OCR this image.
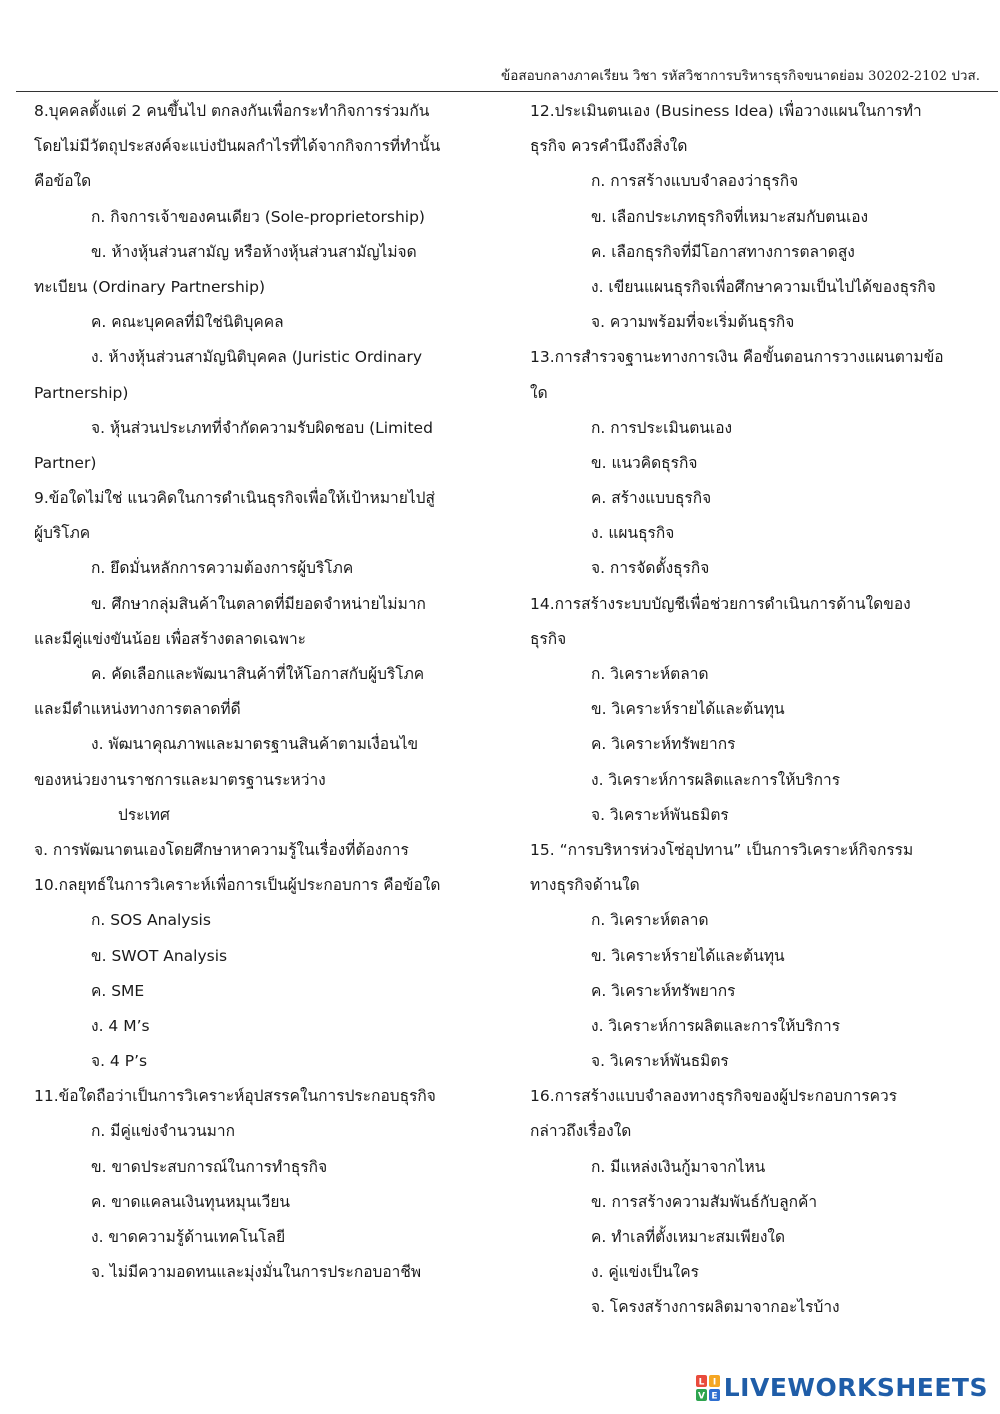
ข้อสอบกลางภาคเรียน วิชา รหัสวิชาการบริหารธุรกิจขนาดย่อม 30202-2102 ปวส.
8.บุคคลตั้งแต่ 2 คนขึ้นไป ตกลงกันเพื่อกระทำกิจการร่วมกัน
โดยไม่มีวัตถุประสงค์จะแบ่งปันผลกำไรที่ได้จากกิจการที่ทำนั้น
คือข้อใด
ก. กิจการเจ้าของคนเดียว (Sole-proprietorship)
ข. ห้างหุ้นส่วนสามัญ หรือห้างหุ้นส่วนสามัญไม่จด
ทะเบียน (Ordinary Partnership)
ค. คณะบุคคลที่มิใช่นิติบุคคล
ง. ห้างหุ้นส่วนสามัญนิติบุคคล (Juristic Ordinary
Partnership)
จ. หุ้นส่วนประเภทที่จำกัดความรับผิดชอบ (Limited
Partner)
9.ข้อใดไม่ใช่ แนวคิดในการดำเนินธุรกิจเพื่อให้เป้าหมายไปสู่
ผู้บริโภค
ก. ยึดมั่นหลักการความต้องการผู้บริโภค
ข. ศึกษากลุ่มสินค้าในตลาดที่มียอดจำหน่ายไม่มาก
และมีคู่แข่งขันน้อย เพื่อสร้างตลาดเฉพาะ
ค. คัดเลือกและพัฒนาสินค้าที่ให้โอกาสกับผู้บริโภค
และมีตำแหน่งทางการตลาดที่ดี
ง. พัฒนาคุณภาพและมาตรฐานสินค้าตามเงื่อนไข
ของหน่วยงานราชการและมาตรฐานระหว่าง
ประเทศ
จ. การพัฒนาตนเองโดยศึกษาหาความรู้ในเรื่องที่ต้องการ
10.กลยุทธ์ในการวิเคราะห์เพื่อการเป็นผู้ประกอบการ คือข้อใด
ก. SOS Analysis
ข. SWOT Analysis
ค. SME
ง. 4 M’s
จ. 4 P’s
11.ข้อใดถือว่าเป็นการวิเคราะห์อุปสรรคในการประกอบธุรกิจ
ก. มีคู่แข่งจำนวนมาก
ข. ขาดประสบการณ์ในการทำธุรกิจ
ค. ขาดแคลนเงินทุนหมุนเวียน
ง. ขาดความรู้ด้านเทคโนโลยี
จ. ไม่มีความอดทนและมุ่งมั่นในการประกอบอาชีพ
12.ประเมินตนเอง (Business Idea) เพื่อวางแผนในการทำ
ธุรกิจ ควรคำนึงถึงสิ่งใด
ก. การสร้างแบบจำลองว่าธุรกิจ
ข. เลือกประเภทธุรกิจที่เหมาะสมกับตนเอง
ค. เลือกธุรกิจที่มีโอกาสทางการตลาดสูง
ง. เขียนแผนธุรกิจเพื่อศึกษาความเป็นไปได้ของธุรกิจ
จ. ความพร้อมที่จะเริ่มต้นธุรกิจ
13.การสำรวจฐานะทางการเงิน คือขั้นตอนการวางแผนตามข้อ
ใด
ก. การประเมินตนเอง
ข. แนวคิดธุรกิจ
ค. สร้างแบบธุรกิจ
ง. แผนธุรกิจ
จ. การจัดตั้งธุรกิจ
14.การสร้างระบบบัญชีเพื่อช่วยการดำเนินการด้านใดของ
ธุรกิจ
ก. วิเคราะห์ตลาด
ข. วิเคราะห์รายได้และต้นทุน
ค. วิเคราะห์ทรัพยากร
ง. วิเคราะห์การผลิตและการให้บริการ
จ. วิเคราะห์พันธมิตร
15. “การบริหารห่วงโซ่อุปทาน” เป็นการวิเคราะห์กิจกรรม
ทางธุรกิจด้านใด
ก. วิเคราะห์ตลาด
ข. วิเคราะห์รายได้และต้นทุน
ค. วิเคราะห์ทรัพยากร
ง. วิเคราะห์การผลิตและการให้บริการ
จ. วิเคราะห์พันธมิตร
16.การสร้างแบบจำลองทางธุรกิจของผู้ประกอบการควร
กล่าวถึงเรื่องใด
ก. มีแหล่งเงินกู้มาจากไหน
ข. การสร้างความสัมพันธ์กับลูกค้า
ค. ทำเลที่ตั้งเหมาะสมเพียงใด
ง. คู่แข่งเป็นใคร
จ. โครงสร้างการผลิตมาจากอะไรบ้าง
L I
V E LIVEWORKSHEETS
